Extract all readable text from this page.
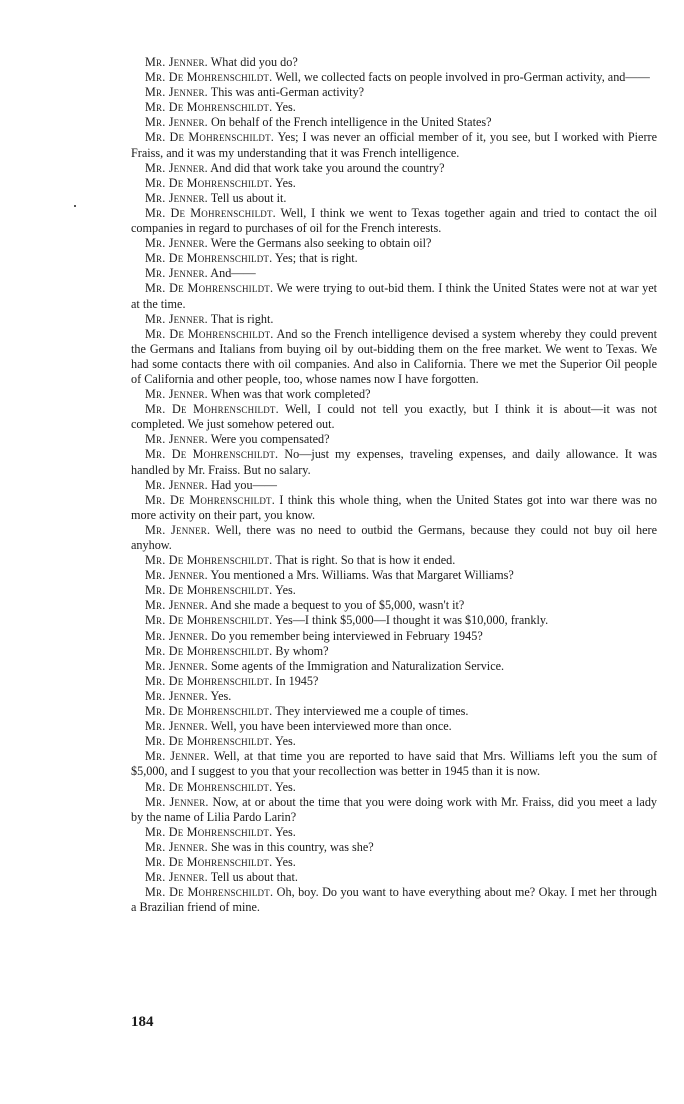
Mr. Jenner. What did you do?

Mr. De Mohrenschildt. Well, we collected facts on people involved in pro-German activity, and——

Mr. Jenner. This was anti-German activity?

Mr. De Mohrenschildt. Yes.

Mr. Jenner. On behalf of the French intelligence in the United States?

Mr. De Mohrenschildt. Yes; I was never an official member of it, you see, but I worked with Pierre Fraiss, and it was my understanding that it was French intelligence.

Mr. Jenner. And did that work take you around the country?

Mr. De Mohrenschildt. Yes.

Mr. Jenner. Tell us about it.

Mr. De Mohrenschildt. Well, I think we went to Texas together again and tried to contact the oil companies in regard to purchases of oil for the French interests.

Mr. Jenner. Were the Germans also seeking to obtain oil?

Mr. De Mohrenschildt. Yes; that is right.

Mr. Jenner. And——

Mr. De Mohrenschildt. We were trying to out-bid them. I think the United States were not at war yet at the time.

Mr. Jenner. That is right.

Mr. De Mohrenschildt. And so the French intelligence devised a system whereby they could prevent the Germans and Italians from buying oil by out-bidding them on the free market. We went to Texas. We had some contacts there with oil companies. And also in California. There we met the Superior Oil people of California and other people, too, whose names now I have forgotten.

Mr. Jenner. When was that work completed?

Mr. De Mohrenschildt. Well, I could not tell you exactly, but I think it is about—it was not completed. We just somehow petered out.

Mr. Jenner. Were you compensated?

Mr. De Mohrenschildt. No—just my expenses, traveling expenses, and daily allowance. It was handled by Mr. Fraiss. But no salary.

Mr. Jenner. Had you——

Mr. De Mohrenschildt. I think this whole thing, when the United States got into war there was no more activity on their part, you know.

Mr. Jenner. Well, there was no need to outbid the Germans, because they could not buy oil here anyhow.

Mr. De Mohrenschildt. That is right. So that is how it ended.

Mr. Jenner. You mentioned a Mrs. Williams. Was that Margaret Williams?

Mr. De Mohrenschildt. Yes.

Mr. Jenner. And she made a bequest to you of $5,000, wasn't it?

Mr. De Mohrenschildt. Yes—I think $5,000—I thought it was $10,000, frankly.

Mr. Jenner. Do you remember being interviewed in February 1945?

Mr. De Mohrenschildt. By whom?

Mr. Jenner. Some agents of the Immigration and Naturalization Service.

Mr. De Mohrenschildt. In 1945?

Mr. Jenner. Yes.

Mr. De Mohrenschildt. They interviewed me a couple of times.

Mr. Jenner. Well, you have been interviewed more than once.

Mr. De Mohrenschildt. Yes.

Mr. Jenner. Well, at that time you are reported to have said that Mrs. Williams left you the sum of $5,000, and I suggest to you that your recollection was better in 1945 than it is now.

Mr. De Mohrenschildt. Yes.

Mr. Jenner. Now, at or about the time that you were doing work with Mr. Fraiss, did you meet a lady by the name of Lilia Pardo Larin?

Mr. De Mohrenschildt. Yes.

Mr. Jenner. She was in this country, was she?

Mr. De Mohrenschildt. Yes.

Mr. Jenner. Tell us about that.

Mr. De Mohrenschildt. Oh, boy. Do you want to have everything about me? Okay. I met her through a Brazilian friend of mine.

184
